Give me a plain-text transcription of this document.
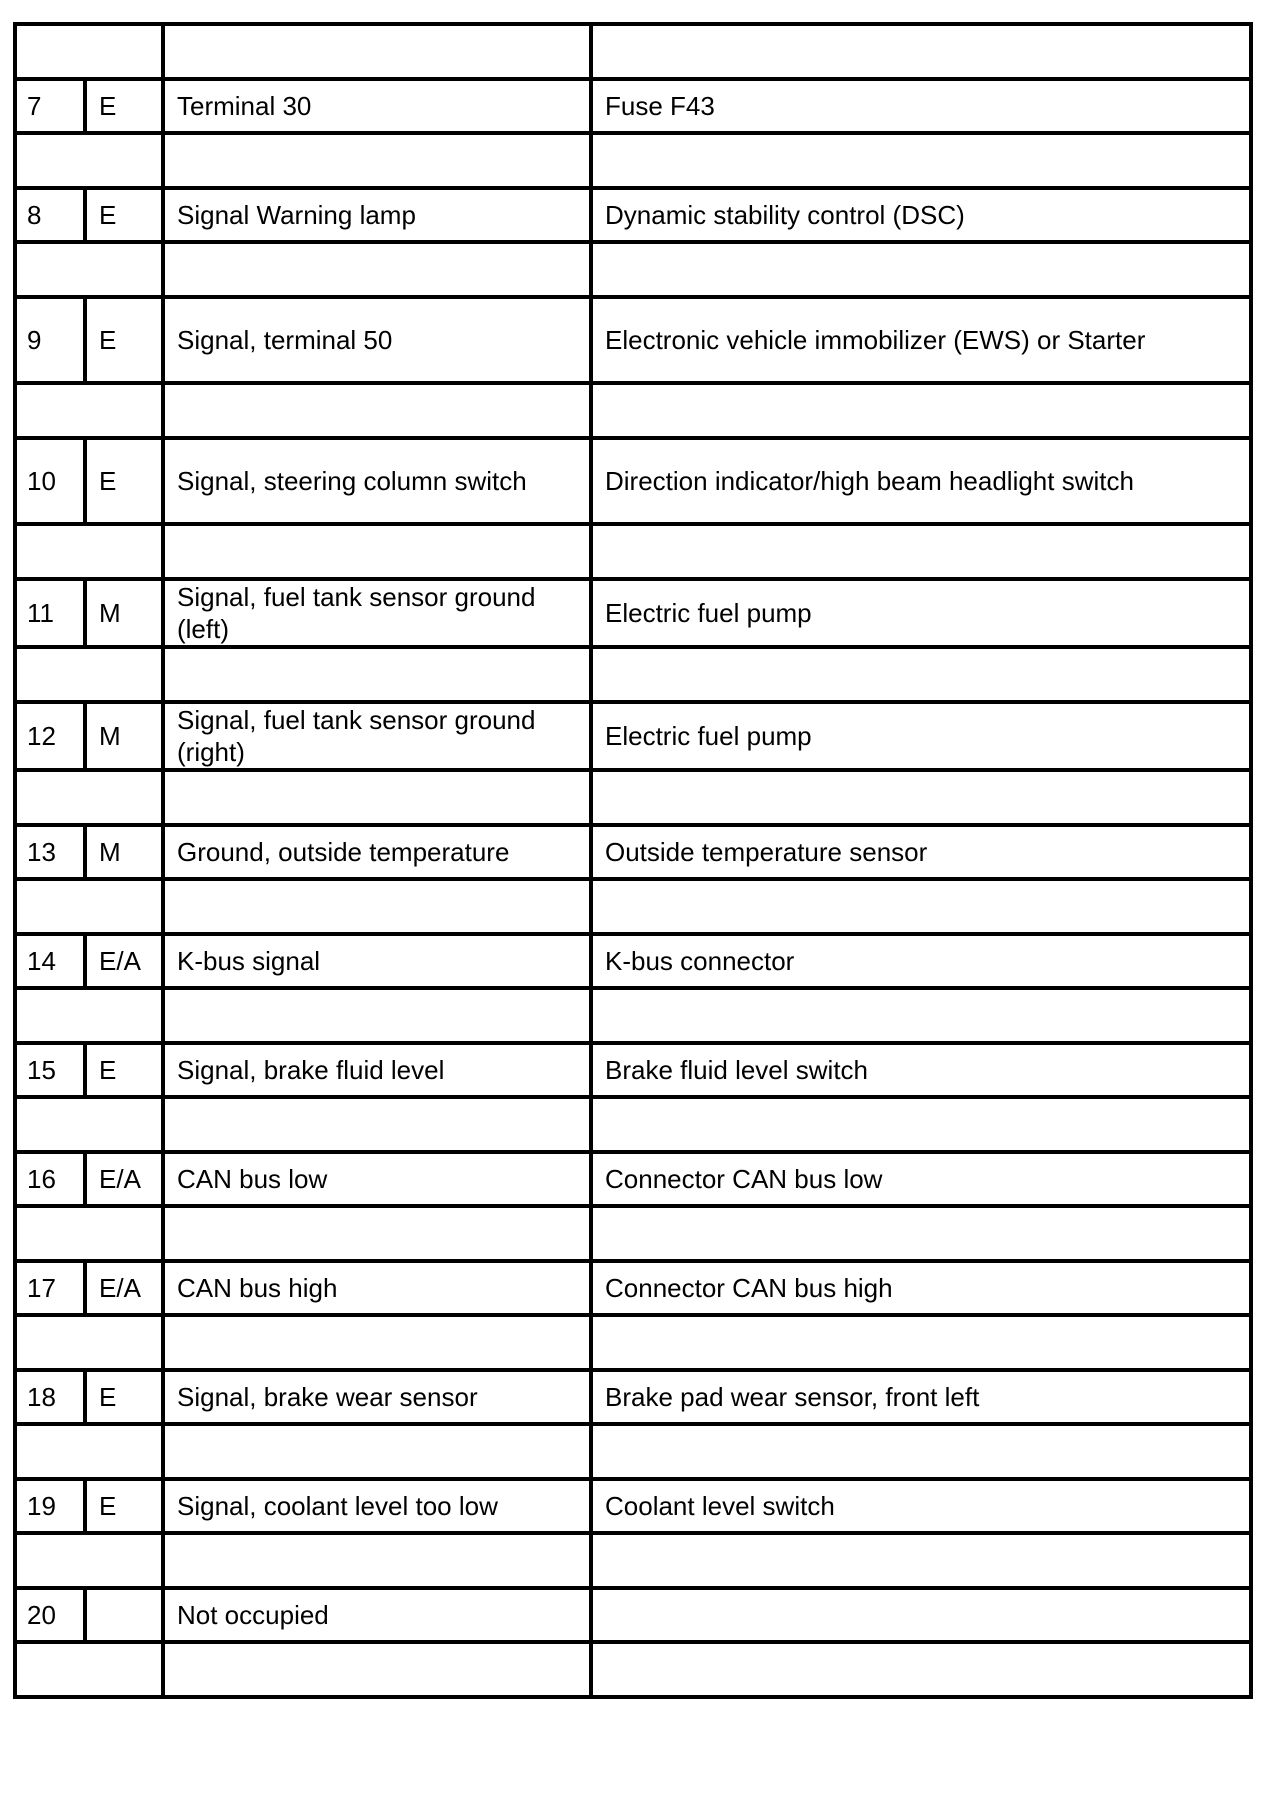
7	E	Terminal 30	Fuse F43

8	E	Signal Warning lamp	Dynamic stability control (DSC)

9	E	Signal, terminal 50	Electronic vehicle immobilizer (EWS) or Starter

10	E	Signal, steering column switch	Direction indicator/high beam headlight switch

11	M	Signal, fuel tank sensor ground (left)	Electric fuel pump

12	M	Signal, fuel tank sensor ground (right)	Electric fuel pump

13	M	Ground, outside temperature	Outside temperature sensor

14	E/A	K-bus signal	K-bus connector

15	E	Signal, brake fluid level	Brake fluid level switch

16	E/A	CAN bus low	Connector CAN bus low

17	E/A	CAN bus high	Connector CAN bus high

18	E	Signal, brake wear sensor	Brake pad wear sensor, front left

19	E	Signal, coolant level too low	Coolant level switch

20		Not occupied	
